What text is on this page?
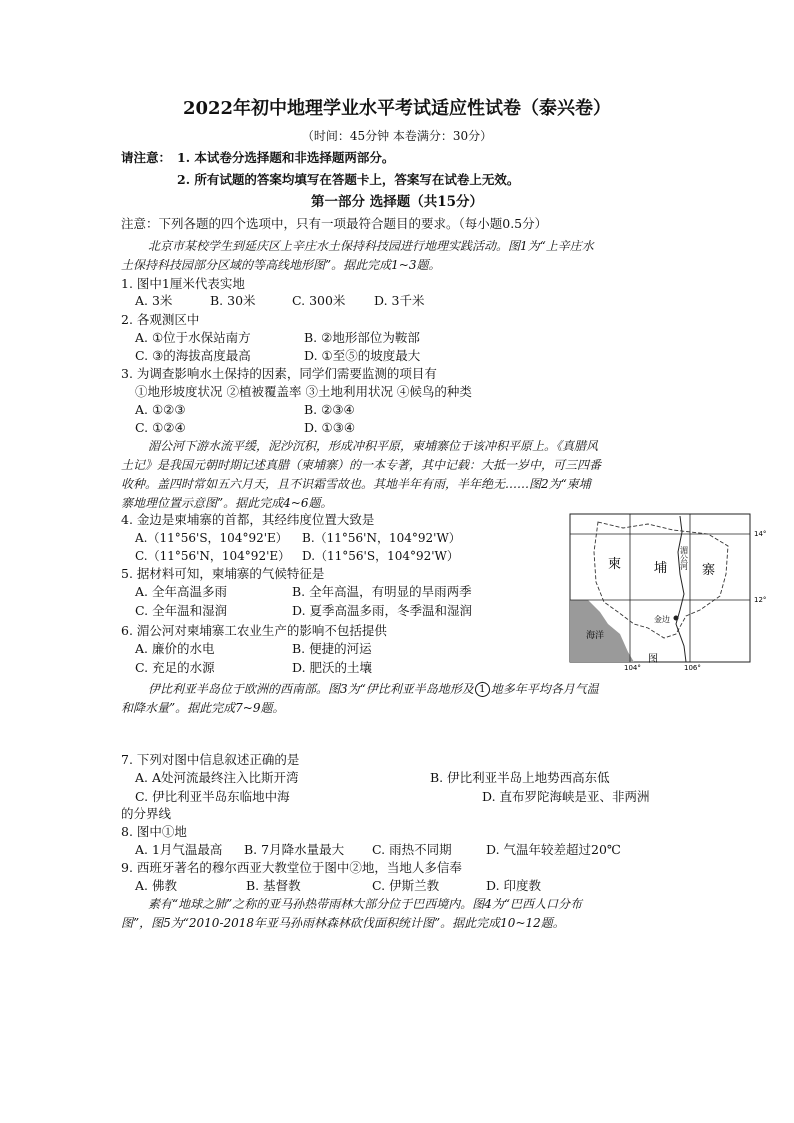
2022年初中地理学业水平考试适应性试卷（泰兴卷）
（时间：45分钟 本卷满分：30分）
请注意： 1. 本试卷分选择题和非选择题两部分。
2. 所有试题的答案均填写在答题卡上，答案写在试卷上无效。
第一部分 选择题（共15分）
注意：下列各题的四个选项中，只有一项最符合题目的要求。（每小题0.5分）
北京市某校学生到延庆区上辛庄水土保持科技园进行地理实践活动。图1为“上辛庄水
土保持科技园部分区域的等高线地形图”。据此完成1~3题。
1. 图中1厘米代表实地
A. 3米	B. 30米	C. 300米 D. 3千米
2. 各观测区中
A. ①位于水保站南方	B. ②地形部位为鞍部
C. ③的海拔高度最高	D. ①至⑤的坡度最大
3. 为调查影响水土保持的因素，同学们需要监测的项目有
①地形坡度状况 ②植被覆盖率 ③土地利用状况 ④候鸟的种类
A. ①②③	B. ②③④
C. ①②④	D. ①③④
湄公河下游水流平缓，泥沙沉积，形成冲积平原，柬埔寨位于该冲积平原上。《真腊风
土记》是我国元朝时期记述真腊（柬埔寨）的一本专著，其中记载：大抵一岁中，可三四番
收种。盖四时常如五六月天，且不识霜雪故也。其地半年有雨，半年绝无……图2为“柬埔
寨地理位置示意图”。据此完成4~6题。
4. 金边是柬埔寨的首都，其经纬度位置大致是
A.（11°56'S，104°92'E） B.（11°56'N，104°92'W）
C.（11°56'N，104°92'E） D.（11°56'S，104°92'W）
5. 据材料可知，柬埔寨的气候特征是
A. 全年高温多雨	B. 全年高温，有明显的旱雨两季
C. 全年温和湿润	D. 夏季高温多雨，冬季温和湿润
6. 湄公河对柬埔寨工农业生产的影响不包括提供
A. 廉价的水电	B. 便捷的河运
C. 充足的水源	D. 肥沃的土壤
柬	埔	寨
湄公河
金边
海洋
14°
12°
104°	106°
图
伊比利亚半岛位于欧洲的西南部。图3为“伊比利亚半岛地形及 1 地多年平均各月气温
和降水量”。据此完成7~9题。
7. 下列对图中信息叙述正确的是
A. A处河流最终注入比斯开湾	B. 伊比利亚半岛上地势西高东低
C. 伊比利亚半岛东临地中海	D. 直布罗陀海峡是亚、非两洲
的分界线
8. 图中①地
A. 1月气温最高 B. 7月降水量最大 C. 雨热不同期	D. 气温年较差超过20℃
9. 西班牙著名的穆尔西亚大教堂位于图中②地，当地人多信奉
A. 佛教	B. 基督教	C. 伊斯兰教	D. 印度教
素有“地球之肺”之称的亚马孙热带雨林大部分位于巴西境内。图4为“巴西人口分布
图”，图5为“2010-2018年亚马孙雨林森林砍伐面积统计图”。据此完成10~12题。
